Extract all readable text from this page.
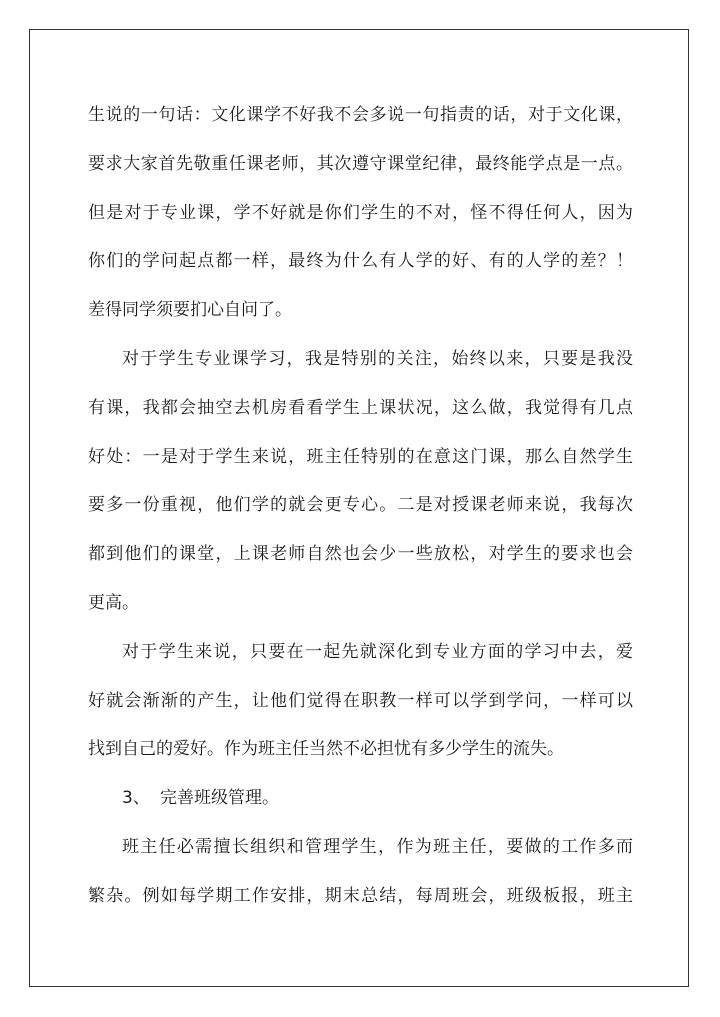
生说的一句话：文化课学不好我不会多说一句指责的话，对于文化课，
要求大家首先敬重任课老师，其次遵守课堂纪律，最终能学点是一点。
但是对于专业课，学不好就是你们学生的不对，怪不得任何人，因为
你们的学问起点都一样，最终为什么有人学的好、有的人学的差？！
差得同学须要扪心自问了。
对于学生专业课学习，我是特别的关注，始终以来，只要是我没
有课，我都会抽空去机房看看学生上课状况，这么做，我觉得有几点
好处：一是对于学生来说，班主任特别的在意这门课，那么自然学生
要多一份重视，他们学的就会更专心。二是对授课老师来说，我每次
都到他们的课堂，上课老师自然也会少一些放松，对学生的要求也会
更高。
对于学生来说，只要在一起先就深化到专业方面的学习中去，爱
好就会渐渐的产生，让他们觉得在职教一样可以学到学问，一样可以
找到自己的爱好。作为班主任当然不必担忧有多少学生的流失。
3、 完善班级管理。
班主任必需擅长组织和管理学生，作为班主任，要做的工作多而
繁杂。例如每学期工作安排，期末总结，每周班会，班级板报，班主
